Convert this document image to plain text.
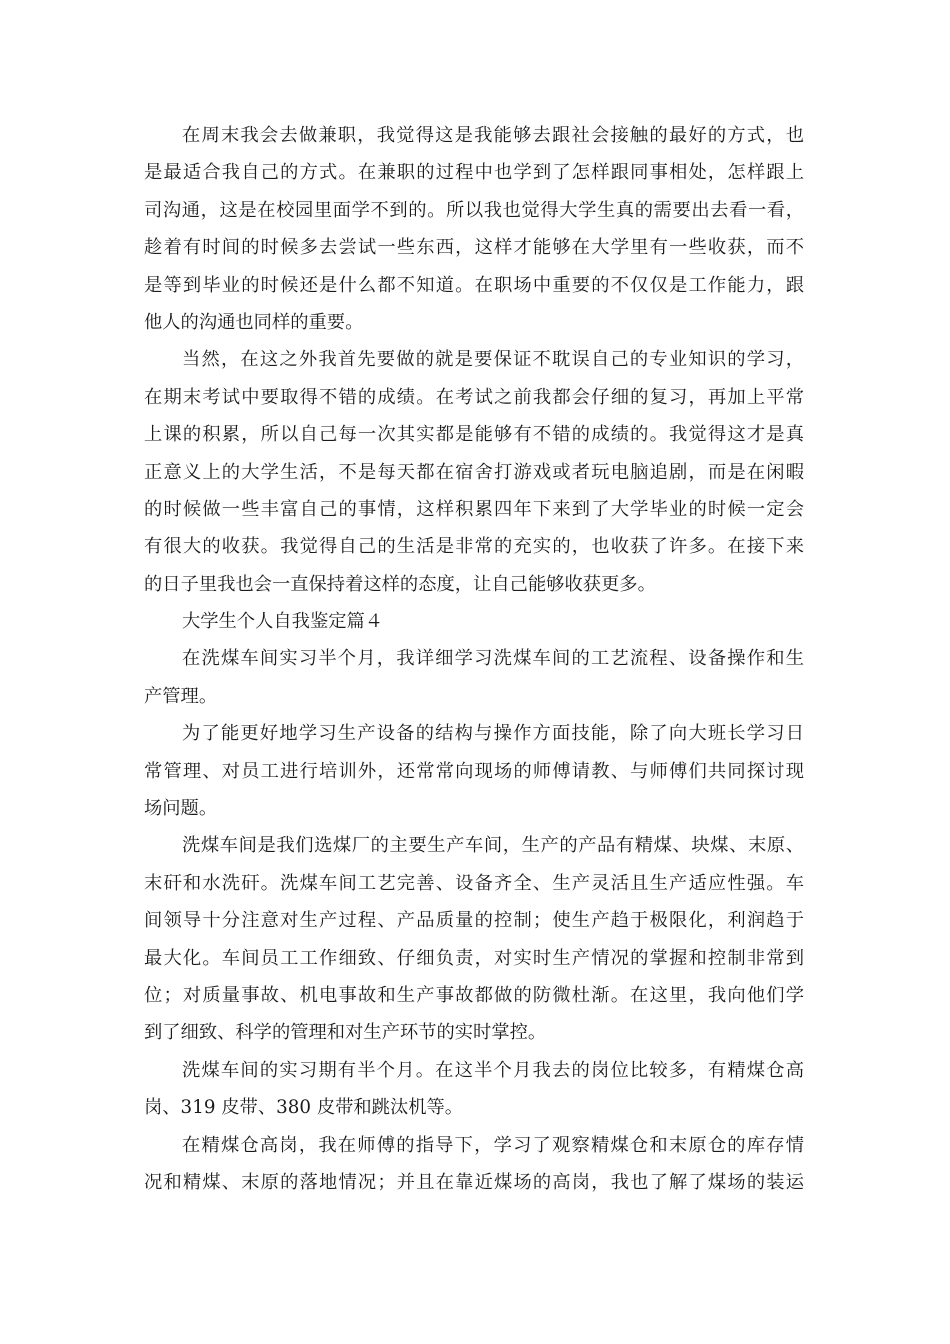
在周末我会去做兼职，我觉得这是我能够去跟社会接触的最好的方式，也
是最适合我自己的方式。在兼职的过程中也学到了怎样跟同事相处，怎样跟上
司沟通，这是在校园里面学不到的。所以我也觉得大学生真的需要出去看一看，
趁着有时间的时候多去尝试一些东西，这样才能够在大学里有一些收获，而不
是等到毕业的时候还是什么都不知道。在职场中重要的不仅仅是工作能力，跟
他人的沟通也同样的重要。
当然，在这之外我首先要做的就是要保证不耽误自己的专业知识的学习，
在期末考试中要取得不错的成绩。在考试之前我都会仔细的复习，再加上平常
上课的积累，所以自己每一次其实都是能够有不错的成绩的。我觉得这才是真
正意义上的大学生活，不是每天都在宿舍打游戏或者玩电脑追剧，而是在闲暇
的时候做一些丰富自己的事情，这样积累四年下来到了大学毕业的时候一定会
有很大的收获。我觉得自己的生活是非常的充实的，也收获了许多。在接下来
的日子里我也会一直保持着这样的态度，让自己能够收获更多。
大学生个人自我鉴定篇４
在洗煤车间实习半个月，我详细学习洗煤车间的工艺流程、设备操作和生
产管理。
为了能更好地学习生产设备的结构与操作方面技能，除了向大班长学习日
常管理、对员工进行培训外，还常常向现场的师傅请教、与师傅们共同探讨现
场问题。
洗煤车间是我们选煤厂的主要生产车间，生产的产品有精煤、块煤、末原、
末矸和水洗矸。洗煤车间工艺完善、设备齐全、生产灵活且生产适应性强。车
间领导十分注意对生产过程、产品质量的控制；使生产趋于极限化，利润趋于
最大化。车间员工工作细致、仔细负责，对实时生产情况的掌握和控制非常到
位；对质量事故、机电事故和生产事故都做的防微杜渐。在这里，我向他们学
到了细致、科学的管理和对生产环节的实时掌控。
洗煤车间的实习期有半个月。在这半个月我去的岗位比较多，有精煤仓高
岗、319 皮带、380 皮带和跳汰机等。
在精煤仓高岗，我在师傅的指导下，学习了观察精煤仓和末原仓的库存情
况和精煤、末原的落地情况；并且在靠近煤场的高岗，我也了解了煤场的装运
